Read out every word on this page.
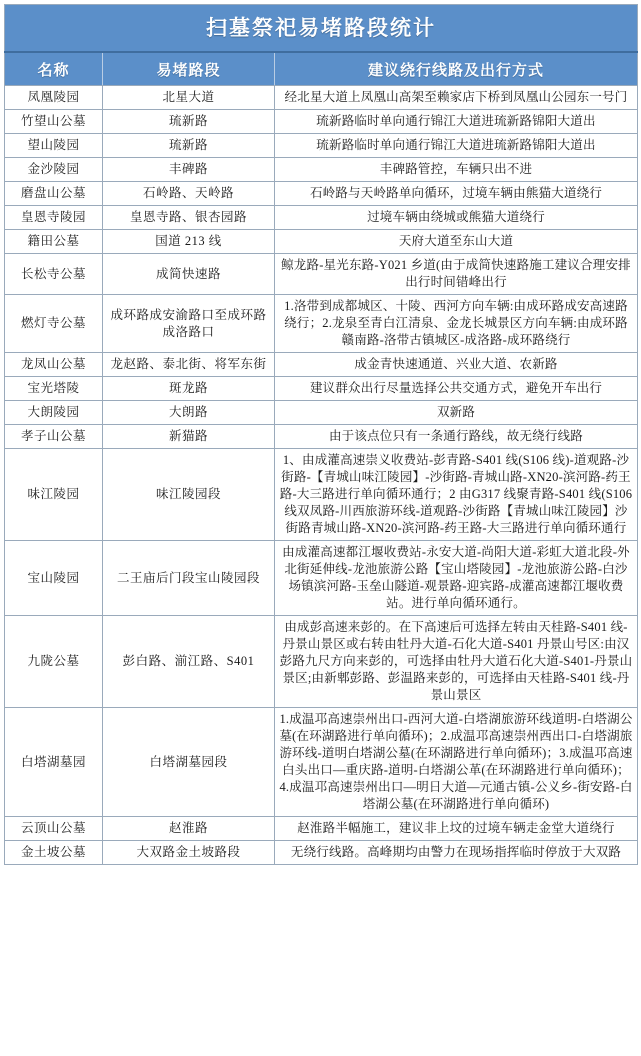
扫墓祭祀易堵路段统计		
名称	易堵路段	建议绕行线路及出行方式
凤凰陵园	北星大道	经北星大道上凤凰山高架至赖家店下桥到凤凰山公园东一号门
竹望山公墓	琉新路	琉新路临时单向通行锦江大道进琉新路锦阳大道出
望山陵园	琉新路	琉新路临时单向通行锦江大道进琉新路锦阳大道出
金沙陵园	丰碑路	丰碑路管控，车辆只出不进
磨盘山公墓	石岭路、天岭路	石岭路与天岭路单向循环，过境车辆由熊猫大道绕行
皇恩寺陵园	皇恩寺路、银杏园路	过境车辆由绕城或熊猫大道绕行
籍田公墓	国道 213 线	天府大道至东山大道
长松寺公墓	成简快速路	鲸龙路-星光东路-Y021 乡道(由于成简快速路施工建议合理安排出行时间错峰出行
燃灯寺公墓	成环路成安渝路口至成环路成洛路口	1.洛带到成都城区、十陵、西河方向车辆:由成环路成安高速路绕行；2.龙泉至青白江清泉、金龙长城景区方向车辆:由成环路赣南路-洛带古镇城区-成洛路-成环路绕行
龙凤山公墓	龙赵路、泰北街、将军东街	成金青快速通道、兴业大道、农新路
宝光塔陵	斑龙路	建议群众出行尽量选择公共交通方式，避免开车出行
大朗陵园	大朗路	双新路
孝子山公墓	新猫路	由于该点位只有一条通行路线，故无绕行线路
味江陵园	味江陵园段	1、由成灌高速崇义收费站-彭青路-S401 线(S106 线)-道观路-沙街路-【青城山味江陵园】-沙街路-青城山路-XN20-滨河路-药王路-大三路进行单向循环通行；2 由G317 线聚青路-S401 线(S106 线双凤路-川西旅游环线-道观路-沙街路【青城山味江陵园】沙街路青城山路-XN20-滨河路-药王路-大三路进行单向循环通行
宝山陵园	二王庙后门段宝山陵园段	由成灌高速都江堰收费站-永安大道-尚阳大道-彩虹大道北段-外北街延伸线-龙池旅游公路【宝山塔陵园】-龙池旅游公路-白沙场镇滨河路-玉垒山隧道-观景路-迎宾路-成灌高速都江堰收费站。进行单向循环通行。
九陇公墓	彭白路、湔江路、S401	由成彭高速来彭的。在下高速后可选择左转由天桂路-S401 线-丹景山景区或右转由牡丹大道-石化大道-S401 丹景山号区:由汉彭路九尺方向来彭的，可选择由牡丹大道石化大道-S401-丹景山景区;由新郫彭路、彭温路来彭的，可选择由天桂路-S401 线-丹景山景区
白塔湖墓园	白塔湖墓园段	1.成温邛高速崇州出口-西河大道-白塔湖旅游环线道明-白塔湖公墓(在环湖路进行单向循环)；2.成温邛高速崇州西出口-白塔湖旅游环线-道明白塔湖公墓(在环湖路进行单向循环)；3.成温邛高速白头出口—重庆路-道明-白塔湖公革(在环湖路进行单向循环)；4.成温邛高速崇州出口—明日大道—元通古镇-公义乡-街安路-白塔湖公墓(在环湖路进行单向循环)
云顶山公墓	赵淮路	赵淮路半幅施工，建议非上坟的过境车辆走金堂大道绕行
金土坡公墓	大双路金土坡路段	无绕行线路。高峰期均由警力在现场指挥临时停放于大双路
